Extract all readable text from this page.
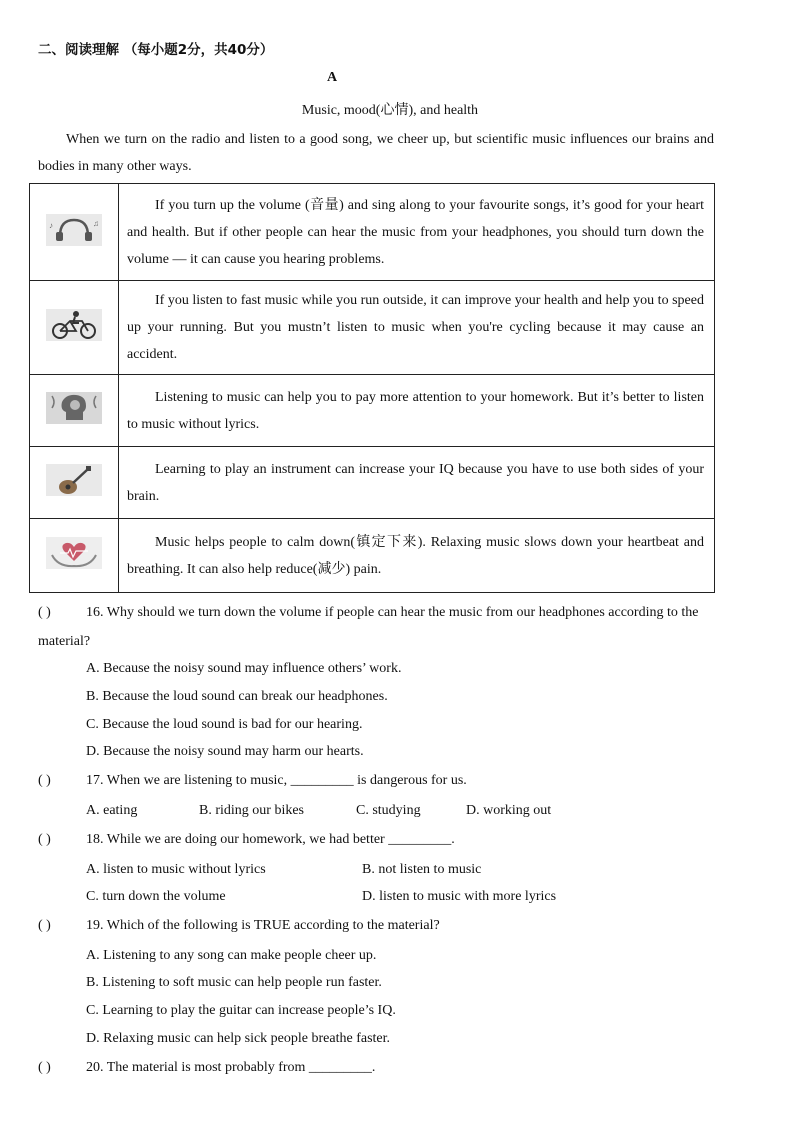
二、阅读理解 （每小题2分，共40分）
A
Music, mood(心情), and health
When we turn on the radio and listen to a good song, we cheer up, but scientific music influences our brains and bodies in many other ways.
♪ ♫	If you turn up the volume (音量) and sing along to your favourite songs, it’s good for your heart and health. But if other people can hear the music from your headphones, you should turn down the volume — it can cause you hearing problems.

	If you listen to fast music while you run outside, it can improve your health and help you to speed up your running. But you mustn’t listen to music when you're cycling because it may cause an accident.

	Listening to music can help you to pay more attention to your homework. But it’s better to listen to music without lyrics.

	Learning to play an instrument can increase your IQ because you have to use both sides of your brain.

	Music helps people to calm down(镇定下来). Relaxing music slows down your heartbeat and breathing. It can also help reduce(减少) pain.
( )	16. Why should we turn down the volume if people can hear the music from our headphones according to the material?
A. Because the noisy sound may influence others’ work.
B. Because the loud sound can break our headphones.
C. Because the loud sound is bad for our hearing.
D. Because the noisy sound may harm our hearts.
( )	17. When we are listening to music, _________ is dangerous for us.
A. eating	B. riding our bikes	C. studying	D. working out
( )	18. While we are doing our homework, we had better _________.
A. listen to music without lyrics	B. not listen to music
C. turn down the volume	D. listen to music with more lyrics
( )	19. Which of the following is TRUE according to the material?
A. Listening to any song can make people cheer up.
B. Listening to soft music can help people run faster.
C. Learning to play the guitar can increase people’s IQ.
D. Relaxing music can help sick people breathe faster.
( )	20. The material is most probably from _________.
